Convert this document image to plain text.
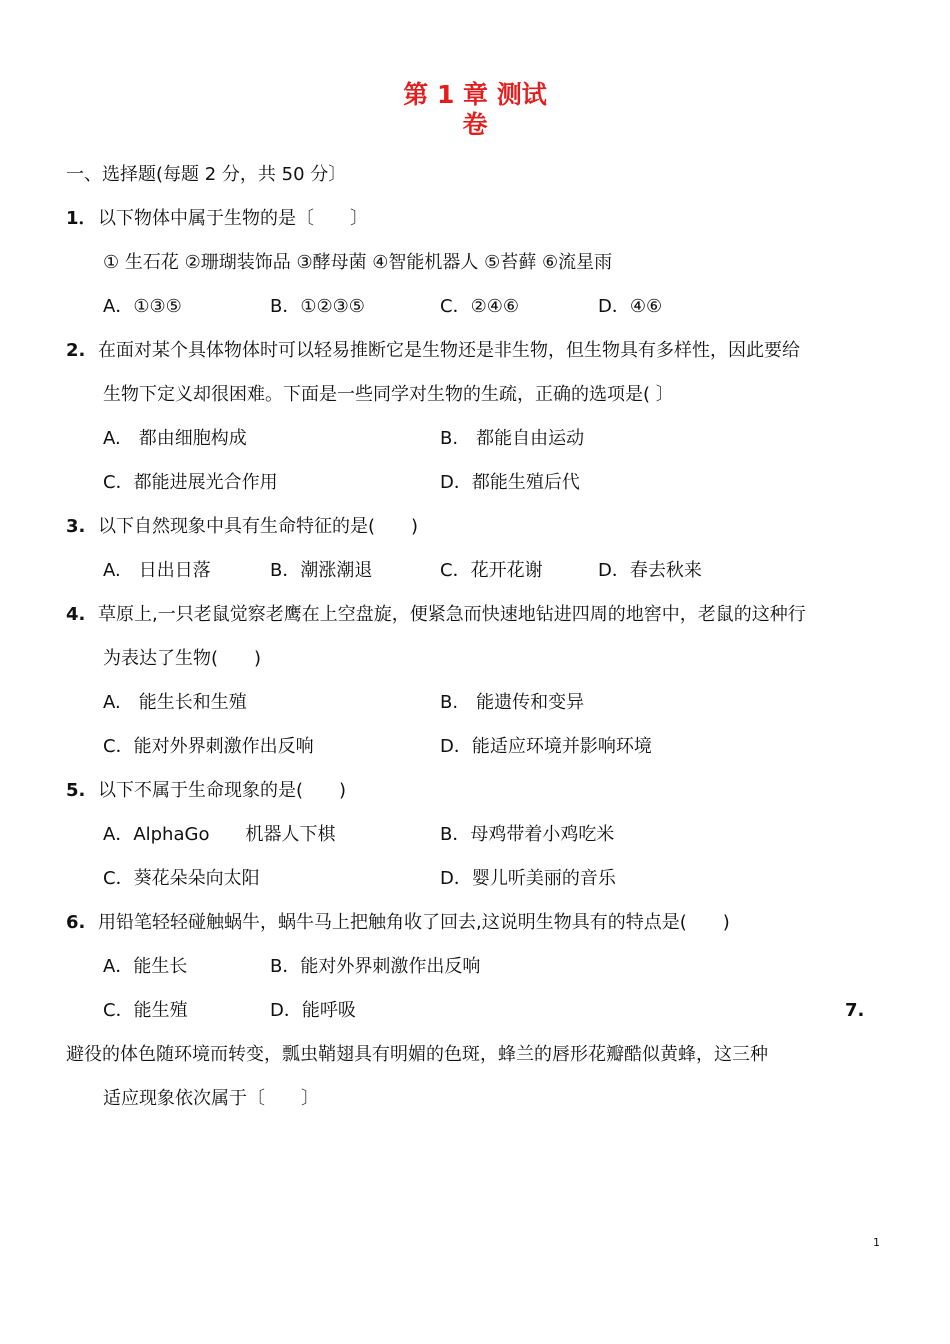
第 1 章 测试
卷
一、选择题(每题 2 分，共 50 分〕
1． 以下物体中属于生物的是〔　　〕
① 生石花 ②珊瑚装饰品 ③酵母菌 ④智能机器人 ⑤苔藓 ⑥流星雨
A．①③⑤	B．①②③⑤	C．②④⑥	D．④⑥
2. 在面对某个具体物体时可以轻易推断它是生物还是非生物，但生物具有多样性，因此要给
生物下定义却很困难。下面是一些同学对生物的生疏，正确的选项是( 〕
A.　都由细胞构成	B.　都能自由运动
C．都能进展光合作用	D．都能生殖后代
3. 以下自然现象中具有生命特征的是(　　)
A.　日出日落	B．潮涨潮退	C．花开花谢	D．春去秋来
4. 草原上,一只老鼠觉察老鹰在上空盘旋，便紧急而快速地钻进四周的地窖中，老鼠的这种行
为表达了生物(　　)
A.　能生长和生殖	B.　能遗传和变异
C．能对外界刺激作出反响	D．能适应环境并影响环境
5. 以下不属于生命现象的是(　　)
A．AlphaGo　　机器人下棋	B．母鸡带着小鸡吃米
C．葵花朵朵向太阳	D．婴儿听美丽的音乐
6. 用铅笔轻轻碰触蜗牛，蜗牛马上把触角收了回去,这说明生物具有的特点是(　　)
A．能生长	B．能对外界刺激作出反响
C．能生殖	D．能呼吸	7.
避役的体色随环境而转变，瓢虫鞘翅具有明媚的色斑，蜂兰的唇形花瓣酷似黄蜂，这三种
适应现象依次属于〔　　〕
1
